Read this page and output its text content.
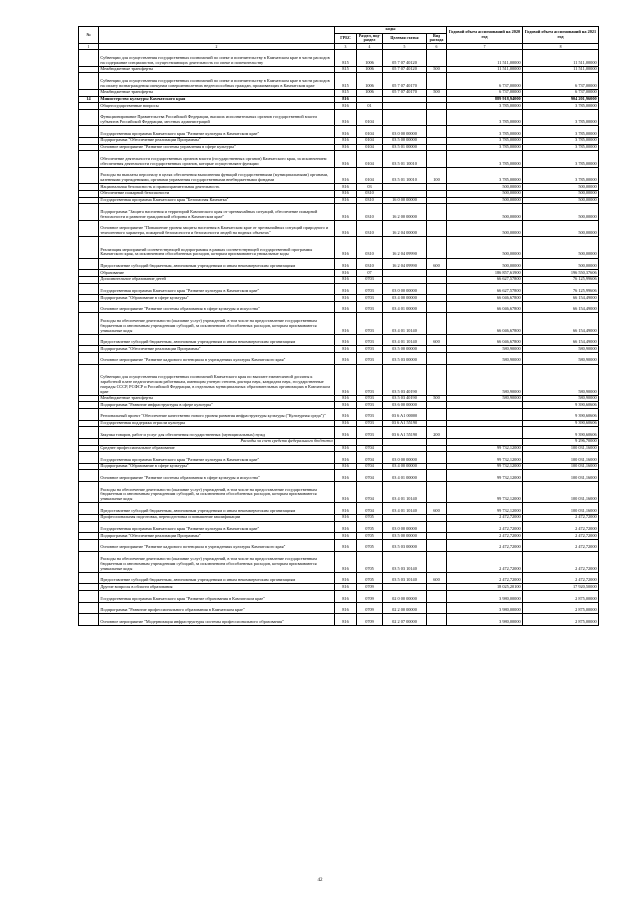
№		коды				Годовой объем ассигнований на 2020 год	Годовой объем ассигнований на 2021 год
		ГРБС	Раздел, под-раздел	Целевая статья	Вид расхода		
1	2	3	4	5	6	7	8
	Субвенции для осуществления государственных полномочий по опеке и попечительству в Камчатском крае в части расходов на содержание специалистов, осуществляющих деятельность по опеке и попечительству	815	1006	05 7 07 40120		11 511,00000	11 511,00000
	Межбюджетные трансферты	815	1006	05 7 07 40120	500	11 511,00000	11 511,00000
	Субвенции для осуществления государственных полномочий по опеке и попечительству в Камчатском крае в части расходов на оплату вознаграждения опекунам совершеннолетних недееспособных граждан, проживающих в Камчатском крае	815	1006	05 7 07 40170		6 737,00000	6 737,00000
	Межбюджетные трансферты	815	1006	05 7 07 40170	500	6 737,00000	6 737,00000
14	Министерство культуры Камчатского края	816				889 918,94000	904 201,96000
	Общегосударственные вопросы	816	01			3 785,00000	3 785,00000
	Функционирование Правительства Российской Федерации, высших исполнительных органов государственной власти субъектов Российской Федерации, местных администраций	816	0104			3 785,00000	3 785,00000
	Государственная программа Камчатского края "Развитие культуры в Камчатском крае"	816	0104	03 0 00 00000		3 785,00000	3 785,00000
	Подпрограмма "Обеспечение реализации Программы"	816	0104	03 5 00 00000		3 785,00000	3 785,00000
	Основное мероприятие "Развитие системы управления в сфере культуры"	816	0104	03 5 01 00000		3 785,00000	3 785,00000
	Обеспечение деятельности государственных органов власти (государственных органов) Камчатского края, за исключением обеспечения деятельности государственных органов, которые осуществляют функции	816	0104	03 5 01 10010		3 785,00000	3 785,00000
	Расходы на выплаты персоналу в целях обеспечения выполнения функций государственными (муниципальными) органами, казенными учреждениями, органами управления государственными внебюджетными фондами	816	0104	03 5 01 10010	100	3 785,00000	3 785,00000
	Национальная безопасность и правоохранительная деятельность	816	03			500,00000	500,00000
	Обеспечение пожарной безопасности	816	0310			500,00000	500,00000
	Государственная программа Камчатского края "Безопасная Камчатка"	816	0310	16 0 00 00000		500,00000	500,00000
	Подпрограмма "Защита населения и территорий Камчатского края от чрезвычайных ситуаций, обеспечение пожарной безопасности и развитие гражданской обороны в Камчатском крае"	816	0310	16 2 00 00000		500,00000	500,00000
	Основное мероприятие "Повышение уровня защиты населения в Камчатском крае от чрезвычайных ситуаций природного и техногенного характера, пожарной безопасности и безопасности людей на водных объектах"	816	0310	16 2 04 00000		500,00000	500,00000
	Реализация мероприятий соответствующей подпрограммы в рамках соответствующей государственной программы Камчатского края, за исключением обособленных расходов, которым присваиваются уникальные коды	816	0310	16 2 04 09990		500,00000	500,00000
	Предоставление субсидий бюджетным, автономным учреждениям и иным некоммерческим организациям	816	0310	16 2 04 09990	600	500,00000	500,00000
	Образование	816	07			186 857,61900	196 550,37606
	Дополнительное образование детей	816	0703			66 627,57800	76 125,99606
	Государственная программа Камчатского края "Развитие культуры в Камчатском крае"	816	0703	03 0 00 00000		66 627,57800	76 125,99606
	Подпрограмма "Образование в сфере культуры"	816	0703	03 4 00 00000		66 046,67800	66 154,49000
	Основное мероприятие "Развитие системы образования в сфере культуры и искусства"	816	0703	03 4 01 00000		66 046,67800	66 154,49000
	Расходы на обеспечение деятельности (оказание услуг) учреждений, в том числе на предоставление государственным бюджетным и автономным учреждениям субсидий, за исключением обособленных расходов, которым присваиваются уникальные коды	816	0703	03 4 01 10140		66 046,67800	66 154,49000
	Предоставление субсидий бюджетным, автономным учреждениям и иным некоммерческим организациям	816	0703	03 4 01 10140	600	66 046,67800	66 154,49000
	Подпрограмма "Обеспечение реализации Программы"	816	0703	03 5 00 00000		580,90000	580,90000
	Основное мероприятие "Развитие кадрового потенциала в учреждениях культуры Камчатского края"	816	0703	03 5 03 00000		580,90000	580,90000
	Субвенции для осуществления государственных полномочий Камчатского края по выплате ежемесячной доплаты к заработной плате педагогическим работникам, имеющим ученую степень доктора наук, кандидата наук, государственные награды СССР, РСФСР и Российской Федерации, в отдельных муниципальных образовательных организациях в Камчатском крае	816	0703	03 5 03 40190		580,90000	580,90000
	Межбюджетные трансферты	816	0703	03 5 03 40190	500	580,90000	580,90000
	Подпрограмма "Развитие инфраструктуры в сфере культуры"	816	0703	03 6 00 00000			9 390,60606
	Региональный проект "Обеспечение качественно нового уровня развития инфраструктуры культуры ("Культурная среда")"	816	0703	03 6 A1 00000			9 390,60606
	Государственная поддержка отрасли культуры	816	0703	03 6 A1 55190			9 390,60606
	Закупка товаров, работ и услуг для обеспечения государственных (муниципальных) нужд	816	0703	03 6 A1 55190	200		9 390,60606
	Расходы за счет средств федерального бюджета						9 296,70000
	Среднее профессиональное образование	816	0704			99 732,12000	100 031,16000
	Государственная программа Камчатского края "Развитие культуры в Камчатском крае"	816	0704	03 0 00 00000		99 732,12000	100 031,16000
	Подпрограмма "Образование в сфере культуры"	816	0704	03 4 00 00000		99 732,12000	100 031,16000
	Основное мероприятие "Развитие системы образования в сфере культуры и искусства"	816	0704	03 4 01 00000		99 732,12000	100 031,16000
	Расходы на обеспечение деятельности (оказание услуг) учреждений, в том числе на предоставление государственным бюджетным и автономным учреждениям субсидий, за исключением обособленных расходов, которым присваиваются уникальные коды	816	0704	03 4 01 10140		99 732,12000	100 031,16000
	Предоставление субсидий бюджетным, автономным учреждениям и иным некоммерческим организациям	816	0704	03 4 01 10140	600	99 732,12000	100 031,16000
	Профессиональная подготовка, переподготовка и повышение квалификации	816	0705			2 472,72000	2 472,72000
	Государственная программа Камчатского края "Развитие культуры в Камчатском крае"	816	0705	03 0 00 00000		2 472,72000	2 472,72000
	Подпрограмма "Обеспечение реализации Программы"	816	0705	03 5 00 00000		2 472,72000	2 472,72000
	Основное мероприятие "Развитие кадрового потенциала в учреждениях культуры Камчатского края"	816	0705	03 5 03 00000		2 472,72000	2 472,72000
	Расходы на обеспечение деятельности (оказание услуг) учреждений, в том числе на предоставление государственным бюджетным и автономным учреждениям субсидий, за исключением обособленных расходов, которым присваиваются уникальные коды	816	0705	03 5 03 10140		2 472,72000	2 472,72000
	Предоставление субсидий бюджетным, автономным учреждениям и иным некоммерческим организациям	816	0705	03 5 03 10140	600	2 472,72000	2 472,72000
	Другие вопросы в области образования	816	0709			18 025,20100	17 920,50000
	Государственная программа Камчатского края "Развитие образования в Камчатском крае"	816	0709	02 0 00 00000		3 980,00000	2 875,00000
	Подпрограмма "Развитие профессионального образования в Камчатском крае"	816	0709	02 2 00 00000		3 980,00000	2 875,00000
	Основное мероприятие "Модернизация инфраструктуры системы профессионального образования"	816	0709	02 2 07 00000		3 980,00000	2 875,00000
42
